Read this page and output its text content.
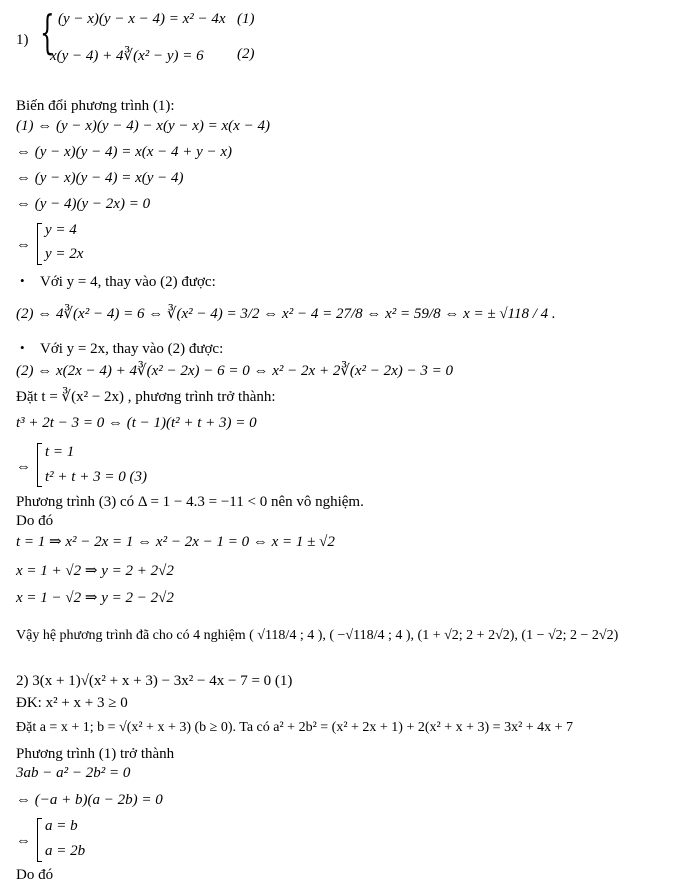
1) { (y − x)(y − x − 4) = x² − 4x (1)
x(y − 4) + 4∛(x² − y) = 6 (2)
Biến đổi phương trình (1):
(1) ⇔ (y − x)(y − 4) − x(y − x) = x(x − 4)
⇔ (y − x)(y − 4) = x(x − 4 + y − x)
⇔ (y − x)(y − 4) = x(y − 4)
⇔ (y − 4)(y − 2x) = 0
⇔
y = 4
y = 2x
• Với y = 4, thay vào (2) được:
(2) ⇔ 4∛(x² − 4) = 6 ⇔ ∛(x² − 4) = 3/2 ⇔ x² − 4 = 27/8 ⇔ x² = 59/8 ⇔ x = ± √118 / 4 .
• Với y = 2x, thay vào (2) được:
(2) ⇔ x(2x − 4) + 4∛(x² − 2x) − 6 = 0 ⇔ x² − 2x + 2∛(x² − 2x) − 3 = 0
Đặt t = ∛(x² − 2x) , phương trình trở thành:
t³ + 2t − 3 = 0 ⇔ (t − 1)(t² + t + 3) = 0
⇔
t = 1
t² + t + 3 = 0 (3)
Phương trình (3) có Δ = 1 − 4.3 = −11 < 0 nên vô nghiệm.
Do đó
t = 1 ⇒ x² − 2x = 1 ⇔ x² − 2x − 1 = 0 ⇔ x = 1 ± √2
x = 1 + √2 ⇒ y = 2 + 2√2
x = 1 − √2 ⇒ y = 2 − 2√2
Vậy hệ phương trình đã cho có 4 nghiệm ( √118/4 ; 4 ), ( −√118/4 ; 4 ), (1 + √2; 2 + 2√2), (1 − √2; 2 − 2√2)
2) 3(x + 1)√(x² + x + 3) − 3x² − 4x − 7 = 0 (1)
ĐK: x² + x + 3 ≥ 0
Đặt a = x + 1; b = √(x² + x + 3) (b ≥ 0). Ta có a² + 2b² = (x² + 2x + 1) + 2(x² + x + 3) = 3x² + 4x + 7
Phương trình (1) trở thành
3ab − a² − 2b² = 0
⇔ (−a + b)(a − 2b) = 0
⇔
a = b
a = 2b
Do đó
